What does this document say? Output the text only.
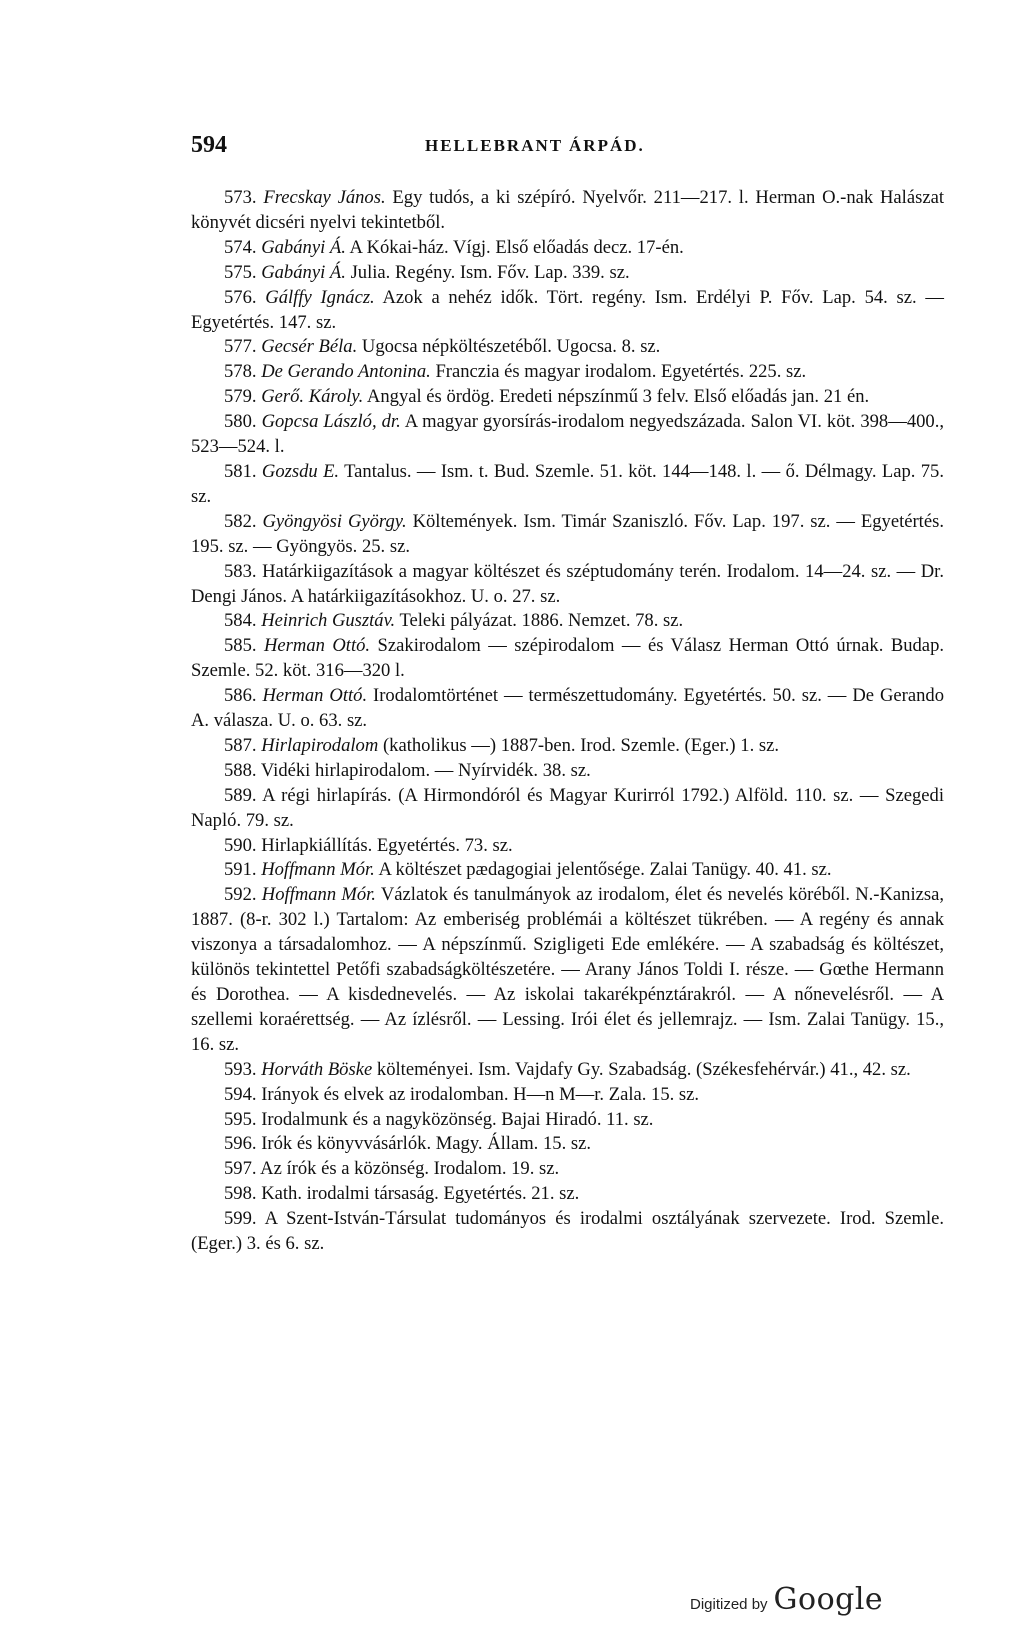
594	HELLEBRANT ÁRPÁD.

573. Frecskay János. Egy tudós, a ki szépíró. Nyelvőr. 211—217. l. Herman O.-nak Halászat könyvét dicséri nyelvi tekintetből.

574. Gabányi Á. A Kókai-ház. Vígj. Első előadás decz. 17-én.

575. Gabányi Á. Julia. Regény. Ism. Főv. Lap. 339. sz.

576. Gálffy Ignácz. Azok a nehéz idők. Tört. regény. Ism. Erdélyi P. Főv. Lap. 54. sz. — Egyetértés. 147. sz.

577. Gecsér Béla. Ugocsa népköltészetéből. Ugocsa. 8. sz.

578. De Gerando Antonina. Franczia és magyar irodalom. Egyetértés. 225. sz.

579. Gerő. Károly. Angyal és ördög. Eredeti népszínmű 3 felv. Első előadás jan. 21 én.

580. Gopcsa László, dr. A magyar gyorsírás-irodalom negyedszázada. Salon VI. köt. 398—400., 523—524. l.

581. Gozsdu E. Tantalus. — Ism. t. Bud. Szemle. 51. köt. 144—148. l. — ő. Délmagy. Lap. 75. sz.

582. Gyöngyösi György. Költemények. Ism. Timár Szaniszló. Főv. Lap. 197. sz. — Egyetértés. 195. sz. — Gyöngyös. 25. sz.

583. Határkiigazítások a magyar költészet és széptudomány terén. Irodalom. 14—24. sz. — Dr. Dengi János. A határkiigazításokhoz. U. o. 27. sz.

584. Heinrich Gusztáv. Teleki pályázat. 1886. Nemzet. 78. sz.

585. Herman Ottó. Szakirodalom — szépirodalom — és Válasz Herman Ottó úrnak. Budap. Szemle. 52. köt. 316—320 l.

586. Herman Ottó. Irodalomtörténet — természettudomány. Egyetértés. 50. sz. — De Gerando A. válasza. U. o. 63. sz.

587. Hirlapirodalom (katholikus —) 1887-ben. Irod. Szemle. (Eger.) 1. sz.

588. Vidéki hirlapirodalom. — Nyírvidék. 38. sz.

589. A régi hirlapírás. (A Hirmondóról és Magyar Kurirról 1792.) Alföld. 110. sz. — Szegedi Napló. 79. sz.

590. Hirlapkiállítás. Egyetértés. 73. sz.

591. Hoffmann Mór. A költészet pædagogiai jelentősége. Zalai Tanügy. 40. 41. sz.

592. Hoffmann Mór. Vázlatok és tanulmányok az irodalom, élet és nevelés köréből. N.-Kanizsa, 1887. (8-r. 302 l.) Tartalom: Az emberiség problémái a költészet tükrében. — A regény és annak viszonya a társadalomhoz. — A népszínmű. Szigligeti Ede emlékére. — A szabadság és költészet, különös tekintettel Petőfi szabadságköltészetére. — Arany János Toldi I. része. — Gœthe Hermann és Dorothea. — A kisdednevelés. — Az iskolai takarékpénztárakról. — A nőnevelésről. — A szellemi koraérettség. — Az ízlésről. — Lessing. Irói élet és jellemrajz. — Ism. Zalai Tanügy. 15., 16. sz.

593. Horváth Böske költeményei. Ism. Vajdafy Gy. Szabadság. (Székesfehérvár.) 41., 42. sz.

594. Irányok és elvek az irodalomban. H—n M—r. Zala. 15. sz.

595. Irodalmunk és a nagyközönség. Bajai Hiradó. 11. sz.

596. Irók és könyvvásárlók. Magy. Állam. 15. sz.

597. Az írók és a közönség. Irodalom. 19. sz.

598. Kath. irodalmi társaság. Egyetértés. 21. sz.

599. A Szent-István-Társulat tudományos és irodalmi osztályának szervezete. Irod. Szemle. (Eger.) 3. és 6. sz.

Digitized by Google
